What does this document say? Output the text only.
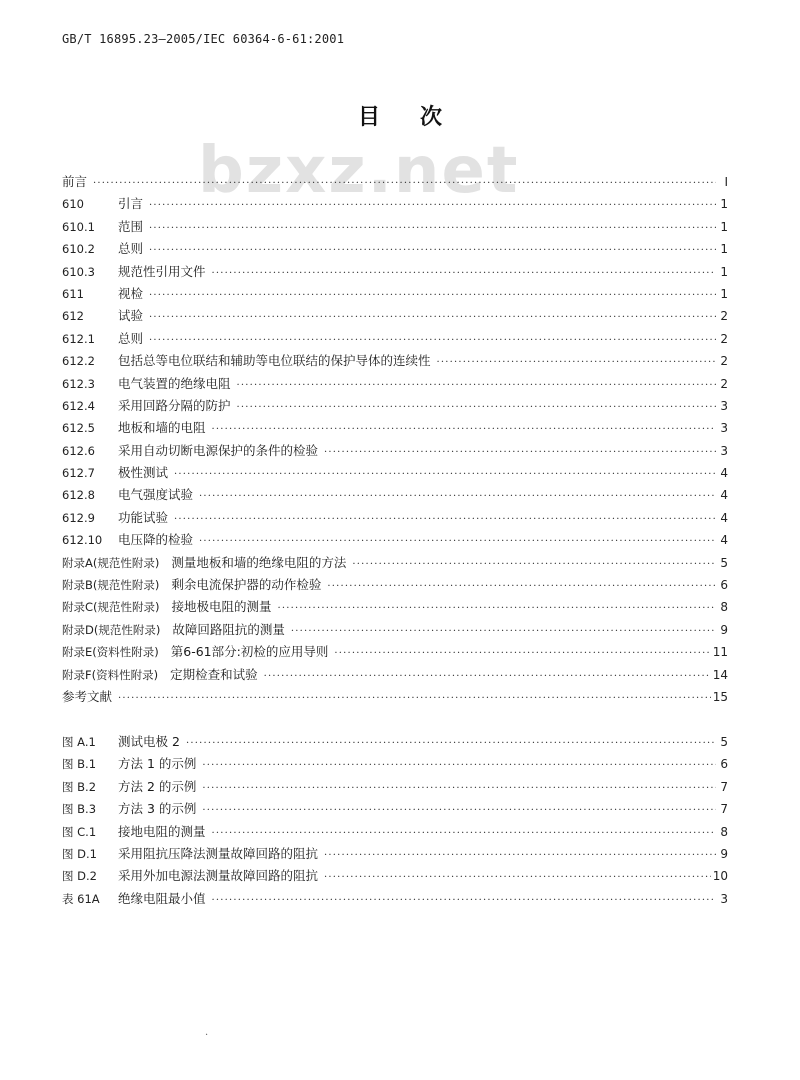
GB/T 16895.23—2005/IEC 60364-6-61:2001
bzxz.net
目次
前言 ·····	Ⅰ
610	引言 ·····	1
610.1 范围 ·····	1
610.2 总则 ·····	1
610.3 规范性引用文件 ·····	1
611	视检 ·····	1
612	试验 ·····	2
612.1 总则 ·····	2
612.2 包括总等电位联结和辅助等电位联结的保护导体的连续性 ·····	2
612.3 电气装置的绝缘电阻 ·····	2
612.4 采用回路分隔的防护 ·····	3
612.5 地板和墙的电阻 ·····	3
612.6 采用自动切断电源保护的条件的检验 ·····	3
612.7 极性测试 ·····	4
612.8 电气强度试验 ·····	4
612.9 功能试验 ·····	4
612.10 电压降的检验 ·····	4
附录A(规范性附录) 测量地板和墙的绝缘电阻的方法 ·····	5
附录B(规范性附录) 剩余电流保护器的动作检验 ·····	6
附录C(规范性附录) 接地极电阻的测量 ·····	8
附录D(规范性附录) 故障回路阻抗的测量 ·····	9
附录E(资料性附录) 第6-61部分:初检的应用导则 ·····	11
附录F(资料性附录) 定期检查和试验 ·····	14
参考文献 ·····	15
图 A.1 测试电极 2 ·····	5
图 B.1 方法 1 的示例 ·····	6
图 B.2 方法 2 的示例 ·····	7
图 B.3 方法 3 的示例 ·····	7
图 C.1 接地电阻的测量 ·····	8
图 D.1 采用阻抗压降法测量故障回路的阻抗 ·····	9
图 D.2 采用外加电源法测量故障回路的阻抗 ·····	10
表 61A 绝缘电阻最小值 ·····	3
·
